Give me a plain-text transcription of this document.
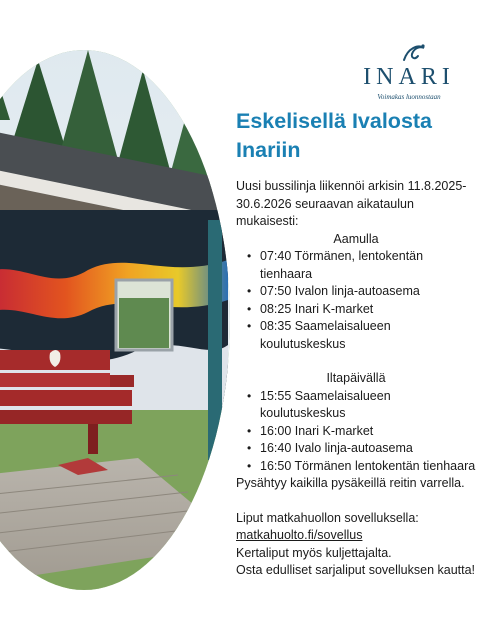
INARI
Voimakas luonnostaan
Eskelisellä Ivalosta Inariin

Uusi bussilinja liikennöi arkisin 11.8.2025-30.6.2026 seuraavan aikataulun mukaisesti:

Aamulla

• 07:40 Törmänen, lentokentän tienhaara
• 07:50 Ivalon linja-autoasema
• 08:25 Inari K-market
• 08:35 Saamelaisalueen koulutuskeskus

Iltapäivällä

• 15:55 Saamelaisalueen koulutuskeskus
• 16:00 Inari K-market
• 16:40 Ivalo linja-autoasema
• 16:50 Törmänen lentokentän tienhaara

Pysähtyy kaikilla pysäkeillä reitin varrella.

Liput matkahuollon sovelluksella:

matkahuolto.fi/sovellus

Kertaliput myös kuljettajalta.

Osta edulliset sarjaliput sovelluksen kautta!
